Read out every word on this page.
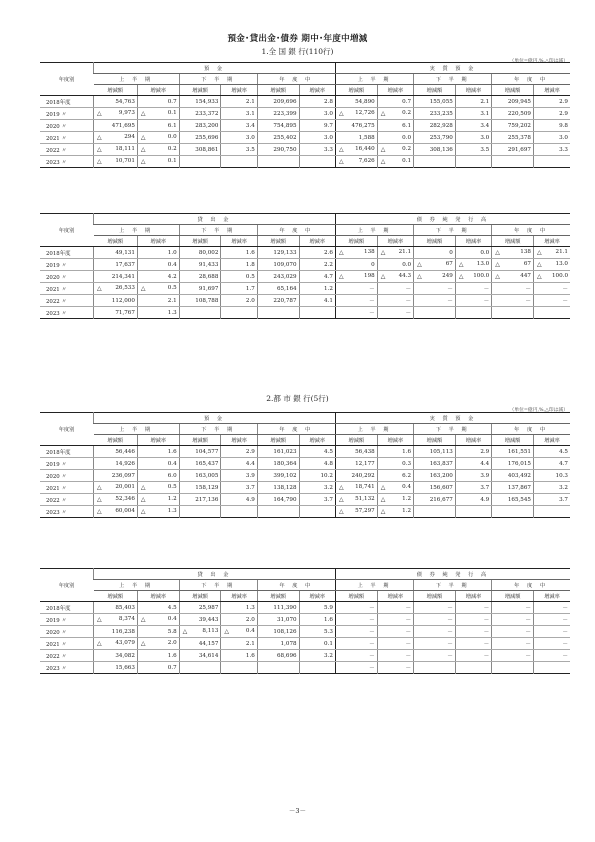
預金･貸出金･債券 期中･年度中増減
1.全 国 銀 行(110行)
（単位=億円,%,△印は減）
2.都 市 銀 行(5行)
（単位=億円,%,△印は減）
年度別	預 金						実 質 預 金					
	上 半 期		下 半 期		年 度 中		上 半 期		下 半 期		年 度 中	
	増減額	増減率	増減額	増減率	増減額	増減率	増減額	増減率	増減額	増減率	増減額	増減率
2018年度	54,763	0.7	154,933	2.1	209,696	2.8	54,890	0.7	155,055	2.1	209,945	2.9
2019 〃	△ 9,973	△ 0.1	233,372	3.1	223,399	3.0	△ 12,726	△ 0.2	233,235	3.1	220,509	2.9
2020 〃	471,695	6.1	283,200	3.4	754,895	9.7	476,275	6.1	282,928	3.4	759,202	9.8
2021 〃	△ 294	△ 0.0	255,696	3.0	255,402	3.0	1,588	0.0	253,790	3.0	255,378	3.0
2022 〃	△ 18,111	△ 0.2	308,861	3.5	290,750	3.3	△ 16,440	△ 0.2	308,136	3.5	291,697	3.3
2023 〃	△ 10,701	△ 0.1					△ 7,626	△ 0.1				
年度別	貸 出 金						債 券 純 発 行 高					
	上 半 期		下 半 期		年 度 中		上 半 期		下 半 期		年 度 中	
	増減額	増減率	増減額	増減率	増減額	増減率	増減額	増減率	増減額	増減率	増減額	増減率
2018年度	49,131	1.0	80,002	1.6	129,133	2.6	△ 138	△ 21.1	0	0.0	△ 138	△ 21.1
2019 〃	17,637	0.4	91,433	1.8	109,070	2.2	0	0.0	△ 67	△ 13.0	△ 67	△ 13.0
2020 〃	214,341	4.2	28,688	0.5	243,029	4.7	△ 198	△ 44.3	△ 249	△ 100.0	△ 447	△ 100.0
2021 〃	△ 26,533	△ 0.5	91,697	1.7	65,164	1.2	－	－	－	－	－	－
2022 〃	112,000	2.1	108,788	2.0	220,787	4.1	－	－	－	－	－	－
2023 〃	71,767	1.3					－	－				
年度別	預 金						実 質 預 金					
	上 半 期		下 半 期		年 度 中		上 半 期		下 半 期		年 度 中	
	増減額	増減率	増減額	増減率	増減額	増減率	増減額	増減率	増減額	増減率	増減額	増減率
2018年度	56,446	1.6	104,577	2.9	161,023	4.5	56,438	1.6	105,113	2.9	161,551	4.5
2019 〃	14,926	0.4	165,437	4.4	180,364	4.8	12,177	0.3	163,837	4.4	176,015	4.7
2020 〃	236,097	6.0	163,005	3.9	399,102	10.2	240,292	6.2	163,200	3.9	403,492	10.3
2021 〃	△ 20,001	△ 0.5	158,129	3.7	138,128	3.2	△ 18,741	△ 0.4	156,607	3.7	137,867	3.2
2022 〃	△ 52,346	△ 1.2	217,136	4.9	164,790	3.7	△ 51,132	△ 1.2	216,677	4.9	165,545	3.7
2023 〃	△ 60,004	△ 1.3					△ 57,297	△ 1.2				
年度別	貸 出 金						債 券 純 発 行 高					
	上 半 期		下 半 期		年 度 中		上 半 期		下 半 期		年 度 中	
	増減額	増減率	増減額	増減率	増減額	増減率	増減額	増減率	増減額	増減率	増減額	増減率
2018年度	85,403	4.5	25,987	1.3	111,390	5.9	－	－	－	－	－	－
2019 〃	△ 8,374	△ 0.4	39,443	2.0	31,070	1.6	－	－	－	－	－	－
2020 〃	116,238	5.8	△ 8,113	△ 0.4	108,126	5.3	－	－	－	－	－	－
2021 〃	△ 43,079	△ 2.0	44,157	2.1	1,078	0.1	－	－	－	－	－	－
2022 〃	34,082	1.6	34,614	1.6	68,696	3.2	－	－	－	－	－	－
2023 〃	15,663	0.7					－	－				
－3－
